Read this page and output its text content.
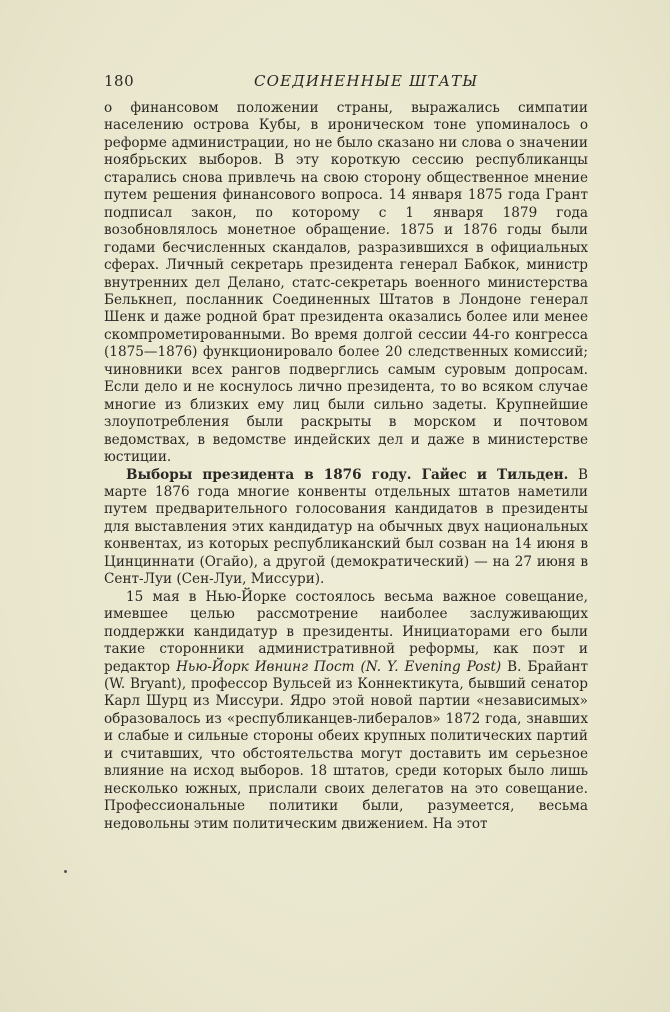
180	СОЕДИНЕННЫЕ ШТАТЫ

о финансовом положении страны, выражались симпатии населению острова Кубы, в ироническом тоне упоминалось о реформе администрации, но не было сказано ни слова о значении ноябрьских выборов. В эту короткую сессию республиканцы старались снова привлечь на свою сторону общественное мнение путем решения финансового вопроса. 14 января 1875 года Грант подписал закон, по которому с 1 января 1879 года возобновлялось монетное обращение. 1875 и 1876 годы были годами бесчисленных скандалов, разразившихся в официальных сферах. Личный секретарь президента генерал Бабкок, министр внутренних дел Делано, статс-секретарь военного министерства Белькнеп, посланник Соединенных Штатов в Лондоне генерал Шенк и даже родной брат президента оказались более или менее скомпрометированными. Во время долгой сессии 44-го конгресса (1875—1876) функционировало более 20 следственных комиссий; чиновники всех рангов подверглись самым суровым допросам. Если дело и не коснулось лично президента, то во всяком случае многие из близких ему лиц были сильно задеты. Крупнейшие злоупотребления были раскрыты в морском и почтовом ведомствах, в ведомстве индейских дел и даже в министерстве юстиции.

Выборы президента в 1876 году. Гайес и Тильден. В марте 1876 года многие конвенты отдельных штатов наметили путем предварительного голосования кандидатов в президенты для выставления этих кандидатур на обычных двух национальных конвентах, из которых республиканский был созван на 14 июня в Цинциннати (Огайо), а другой (демократический) — на 27 июня в Сент-Луи (Сен-Луи, Миссури).

15 мая в Нью-Йорке состоялось весьма важное совещание, имевшее целью рассмотрение наиболее заслуживающих поддержки кандидатур в президенты. Инициаторами его были такие сторонники административной реформы, как поэт и редактор Нью-Йорк Ивнинг Пост (N. Y. Evening Post) В. Брайант (W. Bryant), профессор Вульсей из Коннектикута, бывший сенатор Карл Шурц из Миссури. Ядро этой новой партии «независимых» образовалось из «республиканцев-либералов» 1872 года, знавших и слабые и сильные стороны обеих крупных политических партий и считавших, что обстоятельства могут доставить им серьезное влияние на исход выборов. 18 штатов, среди которых было лишь несколько южных, прислали своих делегатов на это совещание. Профессиональные политики были, разумеется, весьма недовольны этим политическим движением. На этот
